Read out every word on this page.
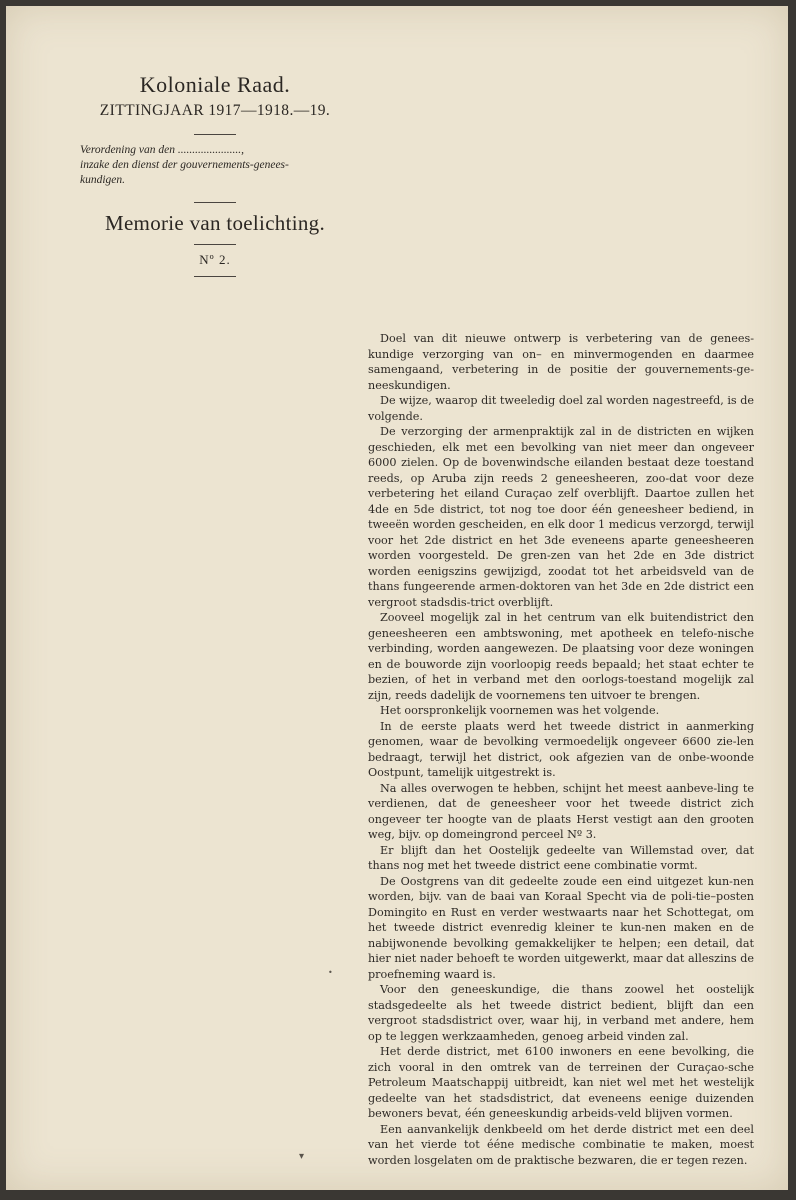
Koloniale Raad.
ZITTINGJAAR 1917—1918.—19.
Verordening van den ......................,
inzake den dienst der gouvernements-genees-
kundigen.
Memorie van toelichting.
Nº 2.

Doel van dit nieuwe ontwerp is verbetering van de genees-kundige verzorging van on– en minvermogenden en daarmee samengaand, verbetering in de positie der gouvernements-ge-neeskundigen.

De wijze, waarop dit tweeledig doel zal worden nagestreefd, is de volgende.

De verzorging der armenpraktijk zal in de districten en wijken geschieden, elk met een bevolking van niet meer dan ongeveer 6000 zielen. Op de bovenwindsche eilanden bestaat deze toestand reeds, op Aruba zijn reeds 2 geneesheeren, zoo-dat voor deze verbetering het eiland Curaçao zelf overblijft. Daartoe zullen het 4de en 5de district, tot nog toe door één geneesheer bediend, in tweeën worden gescheiden, en elk door 1 medicus verzorgd, terwijl voor het 2de district en het 3de eveneens aparte geneesheeren worden voorgesteld. De gren-zen van het 2de en 3de district worden eenigszins gewijzigd, zoodat tot het arbeidsveld van de thans fungeerende armen-doktoren van het 3de en 2de district een vergroot stadsdis-trict overblijft.

Zooveel mogelijk zal in het centrum van elk buitendistrict den geneesheeren een ambtswoning, met apotheek en telefo-nische verbinding, worden aangewezen. De plaatsing voor deze woningen en de bouworde zijn voorloopig reeds bepaald; het staat echter te bezien, of het in verband met den oorlogs-toestand mogelijk zal zijn, reeds dadelijk de voornemens ten uitvoer te brengen.

Het oorspronkelijk voornemen was het volgende.

In de eerste plaats werd het tweede district in aanmerking genomen, waar de bevolking vermoedelijk ongeveer 6600 zie-len bedraagt, terwijl het district, ook afgezien van de onbe-woonde Oostpunt, tamelijk uitgestrekt is.

Na alles overwogen te hebben, schijnt het meest aanbeve-ling te verdienen, dat de geneesheer voor het tweede district zich ongeveer ter hoogte van de plaats Herst vestigt aan den grooten weg, bijv. op domeingrond perceel Nº 3.

Er blijft dan het Oostelijk gedeelte van Willemstad over, dat thans nog met het tweede district eene combinatie vormt.

De Oostgrens van dit gedeelte zoude een eind uitgezet kun-nen worden, bijv. van de baai van Koraal Specht via de poli-tie–posten Domingito en Rust en verder westwaarts naar het Schottegat, om het tweede district evenredig kleiner te kun-nen maken en de nabijwonende bevolking gemakkelijker te helpen; een detail, dat hier niet nader behoeft te worden uitgewerkt, maar dat alleszins de proefneming waard is.

Voor den geneeskundige, die thans zoowel het oostelijk stadsgedeelte als het tweede district bedient, blijft dan een vergroot stadsdistrict over, waar hij, in verband met andere, hem op te leggen werkzaamheden, genoeg arbeid vinden zal.

Het derde district, met 6100 inwoners en eene bevolking, die zich vooral in den omtrek van de terreinen der Curaçao-sche Petroleum Maatschappij uitbreidt, kan niet wel met het westelijk gedeelte van het stadsdistrict, dat eveneens eenige duizenden bewoners bevat, één geneeskundig arbeids-veld blijven vormen.

Een aanvankelijk denkbeeld om het derde district met een deel van het vierde tot ééne medische combinatie te maken, moest worden losgelaten om de praktische bezwaren, die er tegen rezen.

•
▾
